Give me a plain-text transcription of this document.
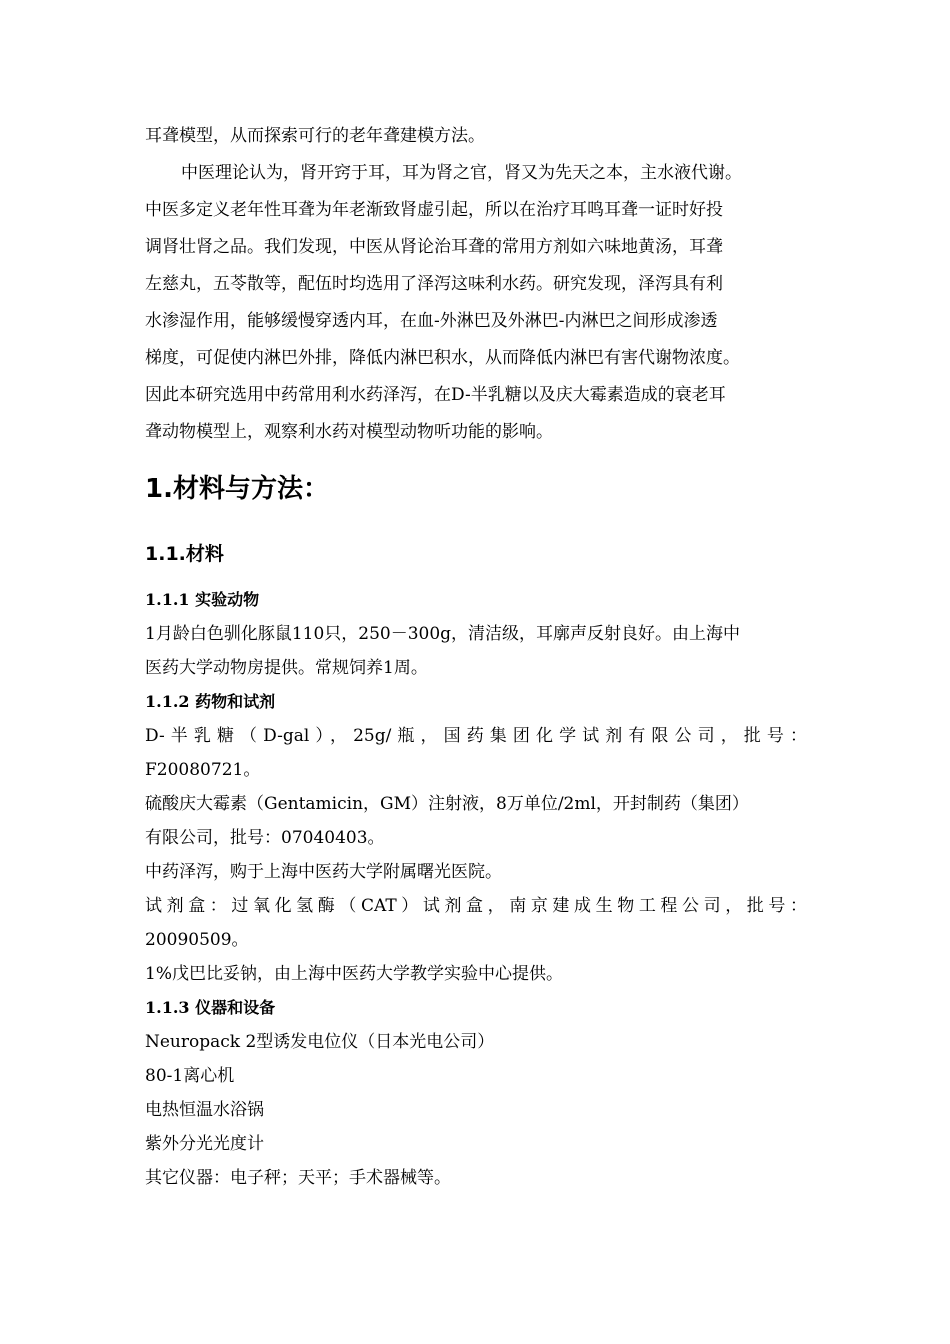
耳聋模型，从而探索可行的老年聋建模方法。

中医理论认为，肾开窍于耳，耳为肾之官，肾又为先天之本，主水液代谢。

中医多定义老年性耳聋为年老渐致肾虚引起，所以在治疗耳鸣耳聋一证时好投

调肾壮肾之品。我们发现，中医从肾论治耳聋的常用方剂如六味地黄汤，耳聋

左慈丸，五苓散等，配伍时均选用了泽泻这味利水药。研究发现，泽泻具有利

水渗湿作用，能够缓慢穿透内耳，在血-外淋巴及外淋巴-内淋巴之间形成渗透

梯度，可促使内淋巴外排，降低内淋巴积水，从而降低内淋巴有害代谢物浓度。

因此本研究选用中药常用利水药泽泻，在D-半乳糖以及庆大霉素造成的衰老耳

聋动物模型上，观察利水药对模型动物听功能的影响。

1.材料与方法：
1.1.材料
1.1.1 实验动物

1月龄白色驯化豚鼠110只，250－300g，清洁级，耳廓声反射良好。由上海中

医药大学动物房提供。常规饲养1周。

1.1.2 药物和试剂

D-半乳糖（D-gal），25g/瓶，国药集团化学试剂有限公司，批号：

F20080721。

硫酸庆大霉素（Gentamicin，GM）注射液，8万单位/2ml，开封制药（集团）

有限公司，批号：07040403。

中药泽泻，购于上海中医药大学附属曙光医院。

试剂盒：过氧化氢酶（CAT）试剂盒，南京建成生物工程公司，批号：

20090509。

1%戊巴比妥钠，由上海中医药大学教学实验中心提供。

1.1.3 仪器和设备

Neuropack 2型诱发电位仪（日本光电公司）

80-1离心机

电热恒温水浴锅

紫外分光光度计

其它仪器：电子秤；天平；手术器械等。
